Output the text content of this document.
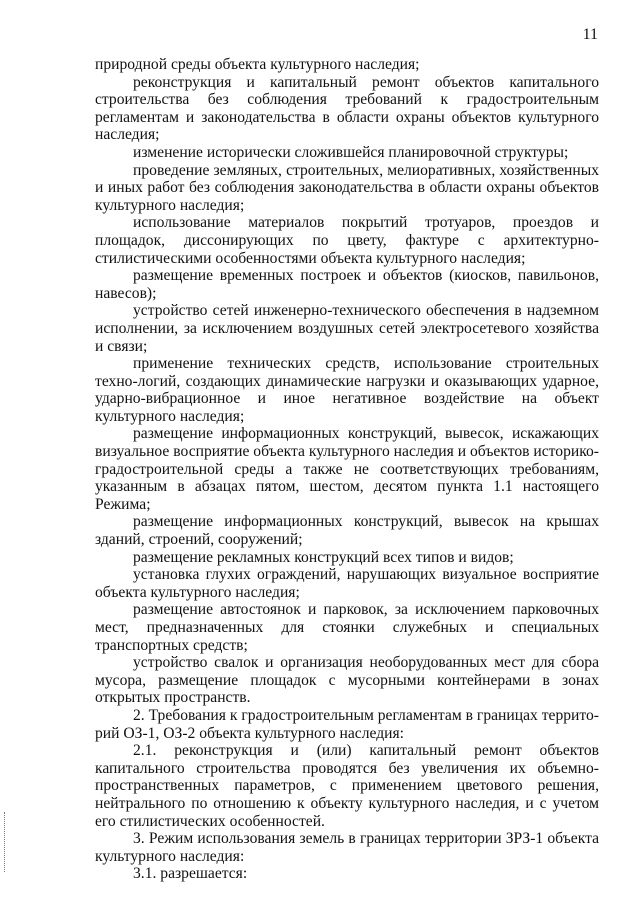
11

природной среды объекта культурного наследия;

реконструкция и капитальный ремонт объектов капитального строительства без соблюдения требований к градостроительным регламентам и законодательства в области охраны объектов культурного наследия;

изменение исторически сложившейся планировочной структуры;

проведение земляных, строительных, мелиоративных, хозяйственных и иных работ без соблюдения законодательства в области охраны объектов культурного наследия;

использование материалов покрытий тротуаров, проездов и площадок, диссонирующих по цвету, фактуре с архитектурно-стилистическими особенностями объекта культурного наследия;

размещение временных построек и объектов (киосков, павильонов, навесов);

устройство сетей инженерно-технического обеспечения в надземном исполнении, за исключением воздушных сетей электросетевого хозяйства и связи;

применение технических средств, использование строительных техно-логий, создающих динамические нагрузки и оказывающих ударное, ударно-вибрационное и иное негативное воздействие на объект культурного наследия;

размещение информационных конструкций, вывесок, искажающих визуальное восприятие объекта культурного наследия и объектов историко-градостроительной среды а также не соответствующих требованиям, указанным в абзацах пятом, шестом, десятом пункта 1.1 настоящего Режима;

размещение информационных конструкций, вывесок на крышах зданий, строений, сооружений;

размещение рекламных конструкций всех типов и видов;

установка глухих ограждений, нарушающих визуальное восприятие объекта культурного наследия;

размещение автостоянок и парковок, за исключением парковочных мест, предназначенных для стоянки служебных и специальных транспортных средств;

устройство свалок и организация необорудованных мест для сбора мусора, размещение площадок с мусорными контейнерами в зонах открытых пространств.

2. Требования к градостроительным регламентам в границах террито-рий ОЗ-1, ОЗ-2 объекта культурного наследия:

2.1. реконструкция и (или) капитальный ремонт объектов капитального строительства проводятся без увеличения их объемно-пространственных параметров, с применением цветового решения, нейтрального по отношению к объекту культурного наследия, и с учетом его стилистических особенностей.

3. Режим использования земель в границах территории ЗРЗ-1 объекта культурного наследия:

3.1. разрешается:
